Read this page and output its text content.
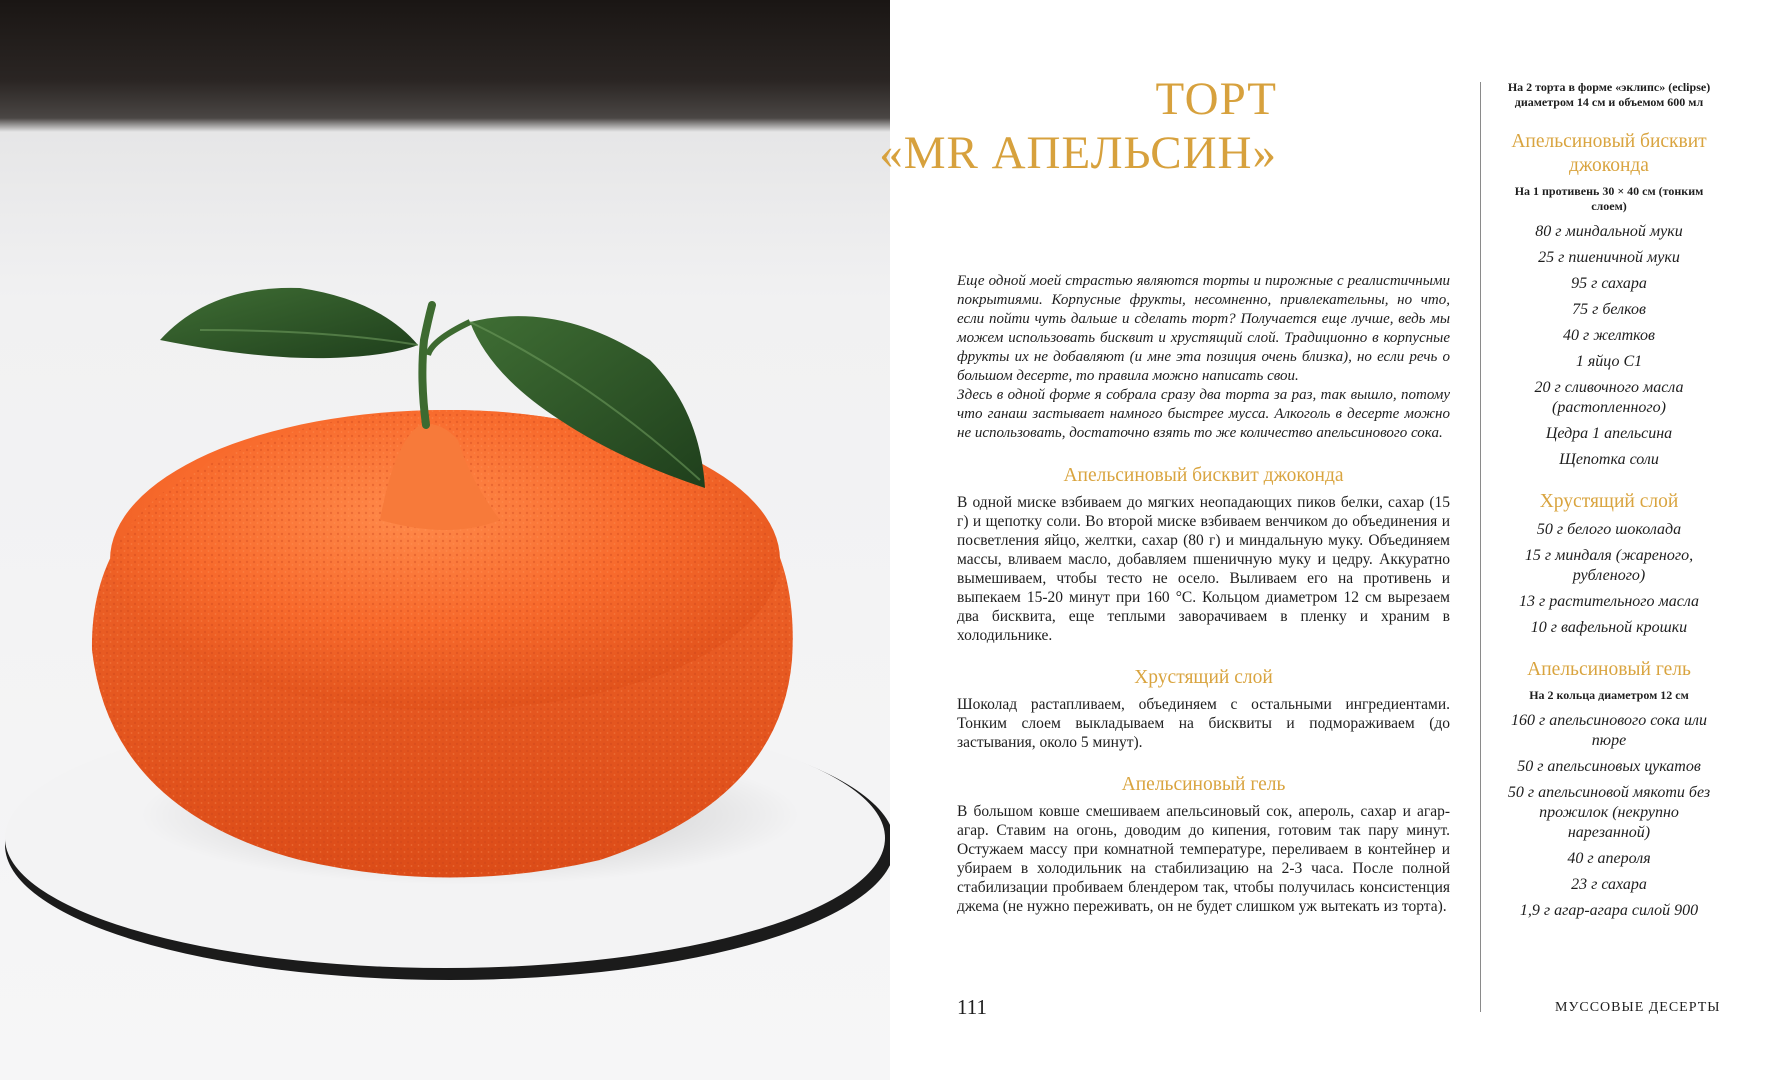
ТОРТ
«MR АПЕЛЬСИН»

Еще одной моей страстью являются торты и пирожные с реалистичными покрытиями. Корпусные фрукты, несомненно, привлекательны, но что, если пойти чуть дальше и сделать торт? Получается еще лучше, ведь мы можем использовать бисквит и хрустящий слой. Традиционно в корпусные фрукты их не добавляют (и мне эта позиция очень близка), но если речь о большом десерте, то правила можно написать свои.

Здесь в одной форме я собрала сразу два торта за раз, так вышло, потому что ганаш застывает намного быстрее мусса. Алкоголь в десерте можно не использовать, достаточно взять то же количество апельсинового сока.

Апельсиновый бисквит джоконда

В одной миске взбиваем до мягких неопадающих пиков белки, сахар (15 г) и щепотку соли. Во второй миске взбиваем венчиком до объединения и посветления яйцо, желтки, сахар (80 г) и миндальную муку. Объединяем массы, вливаем масло, добавляем пшеничную муку и цедру. Аккуратно вымешиваем, чтобы тесто не осело. Выливаем его на противень и выпекаем 15-20 минут при 160 °C. Кольцом диаметром 12 см вырезаем два бисквита, еще теплыми заворачиваем в пленку и храним в холодильнике.

Хрустящий слой

Шоколад растапливаем, объединяем с остальными ингредиентами. Тонким слоем выкладываем на бисквиты и подмораживаем (до застывания, около 5 минут).

Апельсиновый гель

В большом ковше смешиваем апельсиновый сок, апероль, сахар и агар-агар. Ставим на огонь, доводим до кипения, готовим так пару минут. Остужаем массу при комнатной температуре, переливаем в контейнер и убираем в холодильник на стабилизацию на 2-3 часа. После полной стабилизации пробиваем блендером так, чтобы получилась консистенция джема (не нужно переживать, он не будет слишком уж вытекать из торта).

111

На 2 торта в форме «эклипс» (eclipse) диаметром 14 см и объемом 600 мл

Апельсиновый бисквит джоконда

На 1 противень 30 × 40 см (тонким слоем)

80 г миндальной муки
25 г пшеничной муки
95 г сахара
75 г белков
40 г желтков
1 яйцо С1
20 г сливочного масла (растопленного)
Цедра 1 апельсина
Щепотка соли
Хрустящий слой
50 г белого шоколада
15 г миндаля (жареного, рубленого)
13 г растительного масла
10 г вафельной крошки
Апельсиновый гель

На 2 кольца диаметром 12 см

160 г апельсинового сока или пюре
50 г апельсиновых цукатов
50 г апельсиновой мякоти без прожилок (некрупно нарезанной)
40 г апероля
23 г сахара
1,9 г агар-агара силой 900
МУССОВЫЕ ДЕСЕРТЫ
